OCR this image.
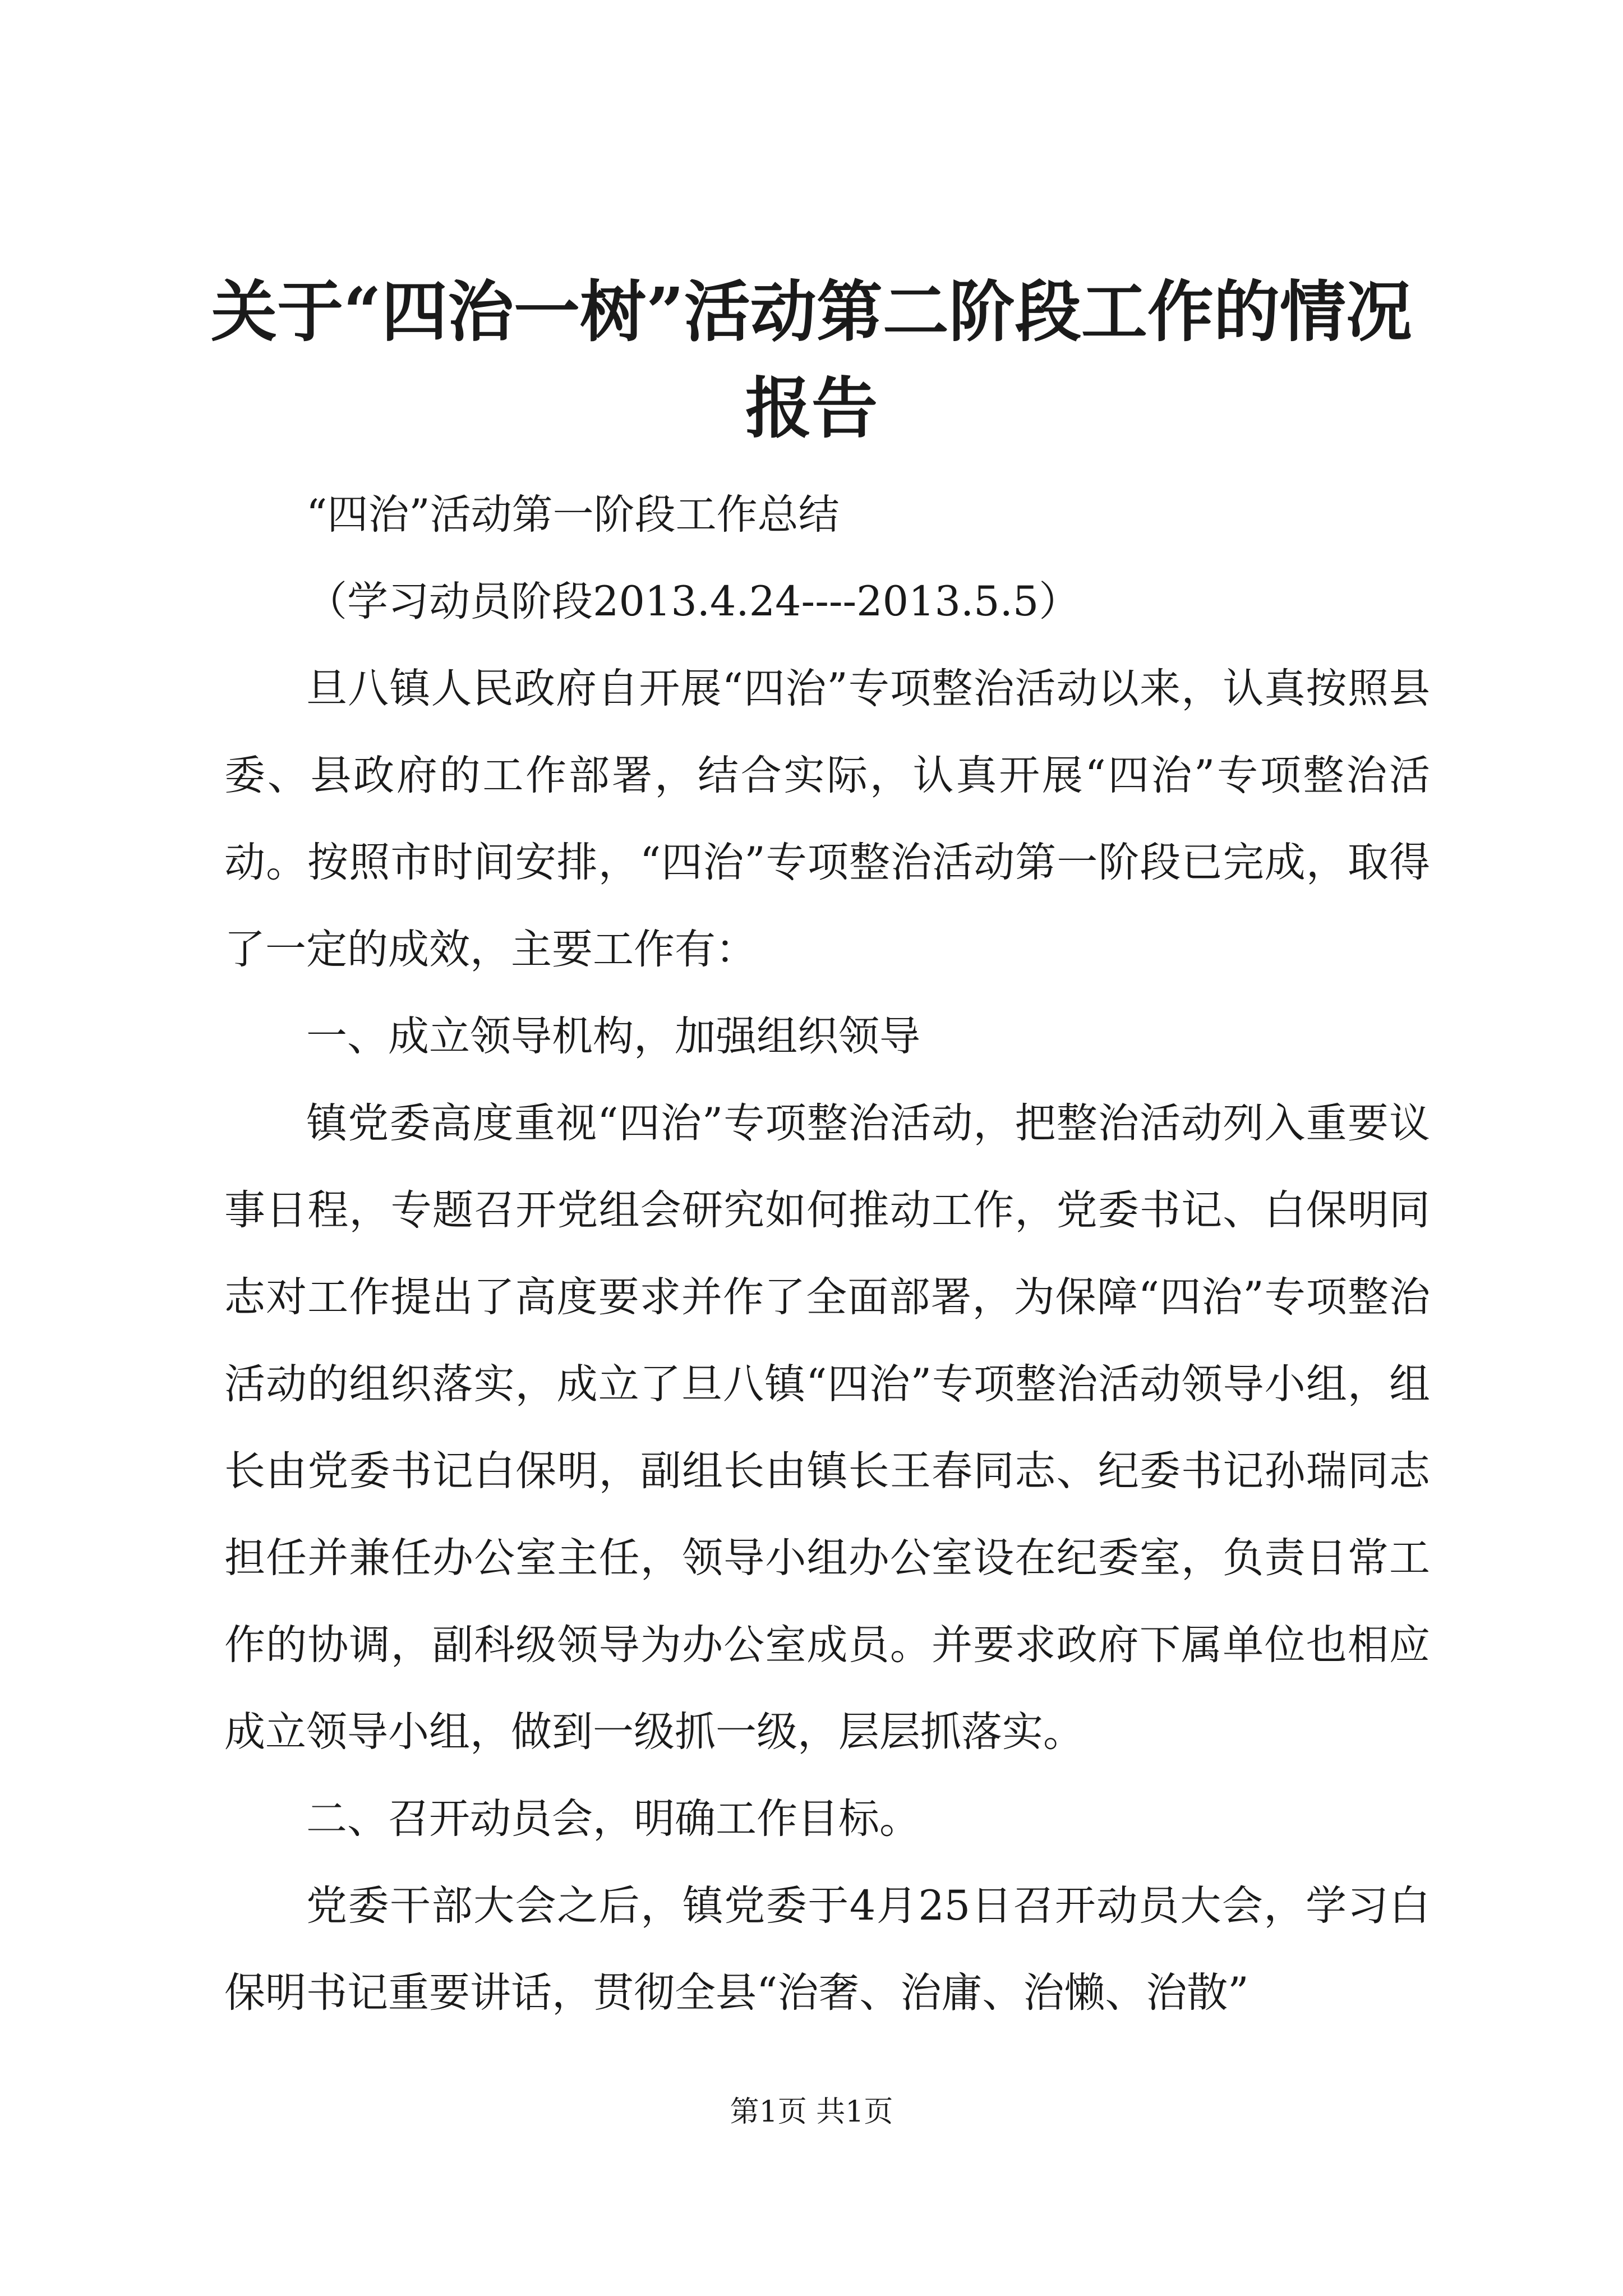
关于“四治一树”活动第二阶段工作的情况报告

“四治”活动第一阶段工作总结

（学习动员阶段2013.4.24----2013.5.5）

旦八镇人民政府自开展“四治”专项整治活动以来，认真按照县委、县政府的工作部署，结合实际，认真开展“四治”专项整治活动。按照市时间安排，“四治”专项整治活动第一阶段已完成，取得了一定的成效，主要工作有：

一、成立领导机构，加强组织领导

镇党委高度重视“四治”专项整治活动，把整治活动列入重要议事日程，专题召开党组会研究如何推动工作，党委书记、白保明同志对工作提出了高度要求并作了全面部署，为保障“四治”专项整治活动的组织落实，成立了旦八镇“四治”专项整治活动领导小组，组长由党委书记白保明，副组长由镇长王春同志、纪委书记孙瑞同志担任并兼任办公室主任，领导小组办公室设在纪委室，负责日常工作的协调，副科级领导为办公室成员。并要求政府下属单位也相应成立领导小组，做到一级抓一级，层层抓落实。

二、召开动员会，明确工作目标。

党委干部大会之后，镇党委于4月25日召开动员大会，学习白保明书记重要讲话，贯彻全县“治奢、治庸、治懒、治散”

第1页 共1页
